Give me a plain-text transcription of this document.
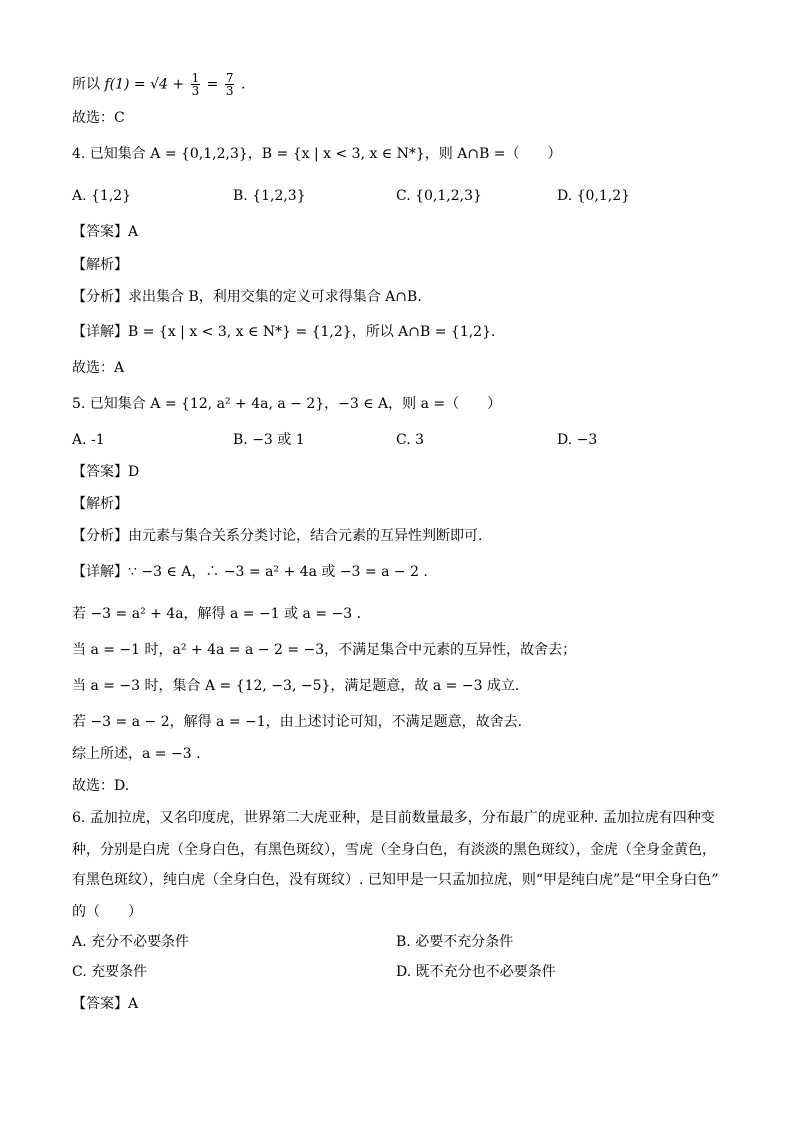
所以 $f(1) = √4 + \frac{1}{3} = \frac{7}{3}$ .
故选：C
4. 已知集合 A = {0,1,2,3}，B = {x | x < 3, x ∈ N*}，则 A∩B =（　　）
A. {1,2}	B. {1,2,3}	C. {0,1,2,3}	D. {0,1,2}
【答案】A
【解析】
【分析】求出集合 B，利用交集的定义可求得集合 A∩B.
【详解】B = {x | x < 3, x ∈ N*} = {1,2}，所以 A∩B = {1,2}.
故选：A
5. 已知集合 A = {12, a² + 4a, a − 2}，−3 ∈ A，则 a =（　　）
A. -1	B. −3 或 1	C. 3	D. −3
【答案】D
【解析】
【分析】由元素与集合关系分类讨论，结合元素的互异性判断即可.
【详解】∵ −3 ∈ A，∴ −3 = a² + 4a 或 −3 = a − 2 .
若 −3 = a² + 4a，解得 a = −1 或 a = −3 .
当 a = −1 时，a² + 4a = a − 2 = −3，不满足集合中元素的互异性，故舍去；
当 a = −3 时，集合 A = {12, −3, −5}，满足题意，故 a = −3 成立.
若 −3 = a − 2，解得 a = −1，由上述讨论可知，不满足题意，故舍去.
综上所述，a = −3 .
故选：D.
6. 孟加拉虎，又名印度虎，世界第二大虎亚种，是目前数量最多，分布最广的虎亚种. 孟加拉虎有四种变
种，分别是白虎（全身白色，有黑色斑纹），雪虎（全身白色，有淡淡的黑色斑纹），金虎（全身金黄色，
有黑色斑纹），纯白虎（全身白色，没有斑纹）. 已知甲是一只孟加拉虎，则“甲是纯白虎”是“甲全身白色”
的（　　）
A. 充分不必要条件	B. 必要不充分条件
C. 充要条件	D. 既不充分也不必要条件
【答案】A
